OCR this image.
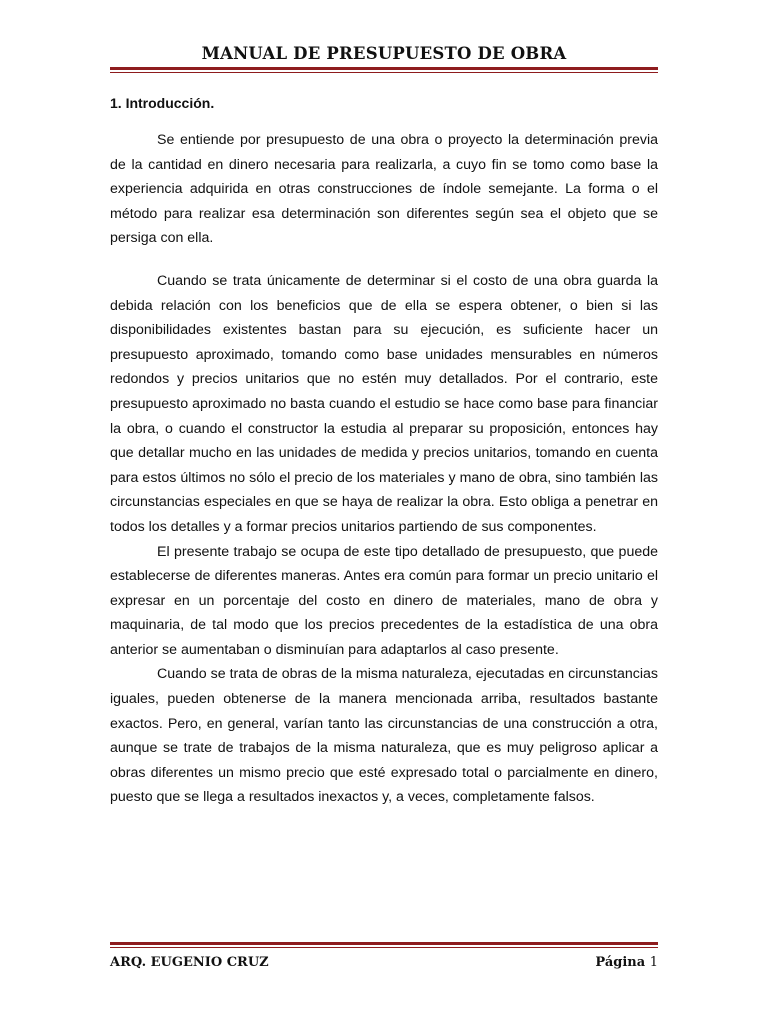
MANUAL DE PRESUPUESTO DE OBRA
1. Introducción.

Se entiende por presupuesto de una obra o proyecto la determinación previa de la cantidad en dinero necesaria para realizarla, a cuyo fin se tomo como base la experiencia adquirida en otras construcciones de índole semejante. La forma o el método para realizar esa determinación son diferentes según sea el objeto que se persiga con ella.

Cuando se trata únicamente de determinar si el costo de una obra guarda la debida relación con los beneficios que de ella se espera obtener, o bien si las disponibilidades existentes bastan para su ejecución, es suficiente hacer un presupuesto aproximado, tomando como base unidades mensurables en números redondos y precios unitarios que no estén muy detallados. Por el contrario, este presupuesto aproximado no basta cuando el estudio se hace como base para financiar la obra, o cuando el constructor la estudia al preparar su proposición, entonces hay que detallar mucho en las unidades de medida y precios unitarios, tomando en cuenta para estos últimos no sólo el precio de los materiales y mano de obra, sino también las circunstancias especiales en que se haya de realizar la obra. Esto obliga a penetrar en todos los detalles y a formar precios unitarios partiendo de sus componentes.

El presente trabajo se ocupa de este tipo detallado de presupuesto, que puede establecerse de diferentes maneras. Antes era común para formar un precio unitario el expresar en un porcentaje del costo en dinero de materiales, mano de obra y maquinaria, de tal modo que los precios precedentes de la estadística de una obra anterior se aumentaban o disminuían para adaptarlos al caso presente.

Cuando se trata de obras de la misma naturaleza, ejecutadas en circunstancias iguales, pueden obtenerse de la manera mencionada arriba, resultados bastante exactos. Pero, en general, varían tanto las circunstancias de una construcción a otra, aunque se trate de trabajos de la misma naturaleza, que es muy peligroso aplicar a obras diferentes un mismo precio que esté expresado total o parcialmente en dinero, puesto que se llega a resultados inexactos y, a veces, completamente falsos.

ARQ. EUGENIO CRUZ	Página 1
